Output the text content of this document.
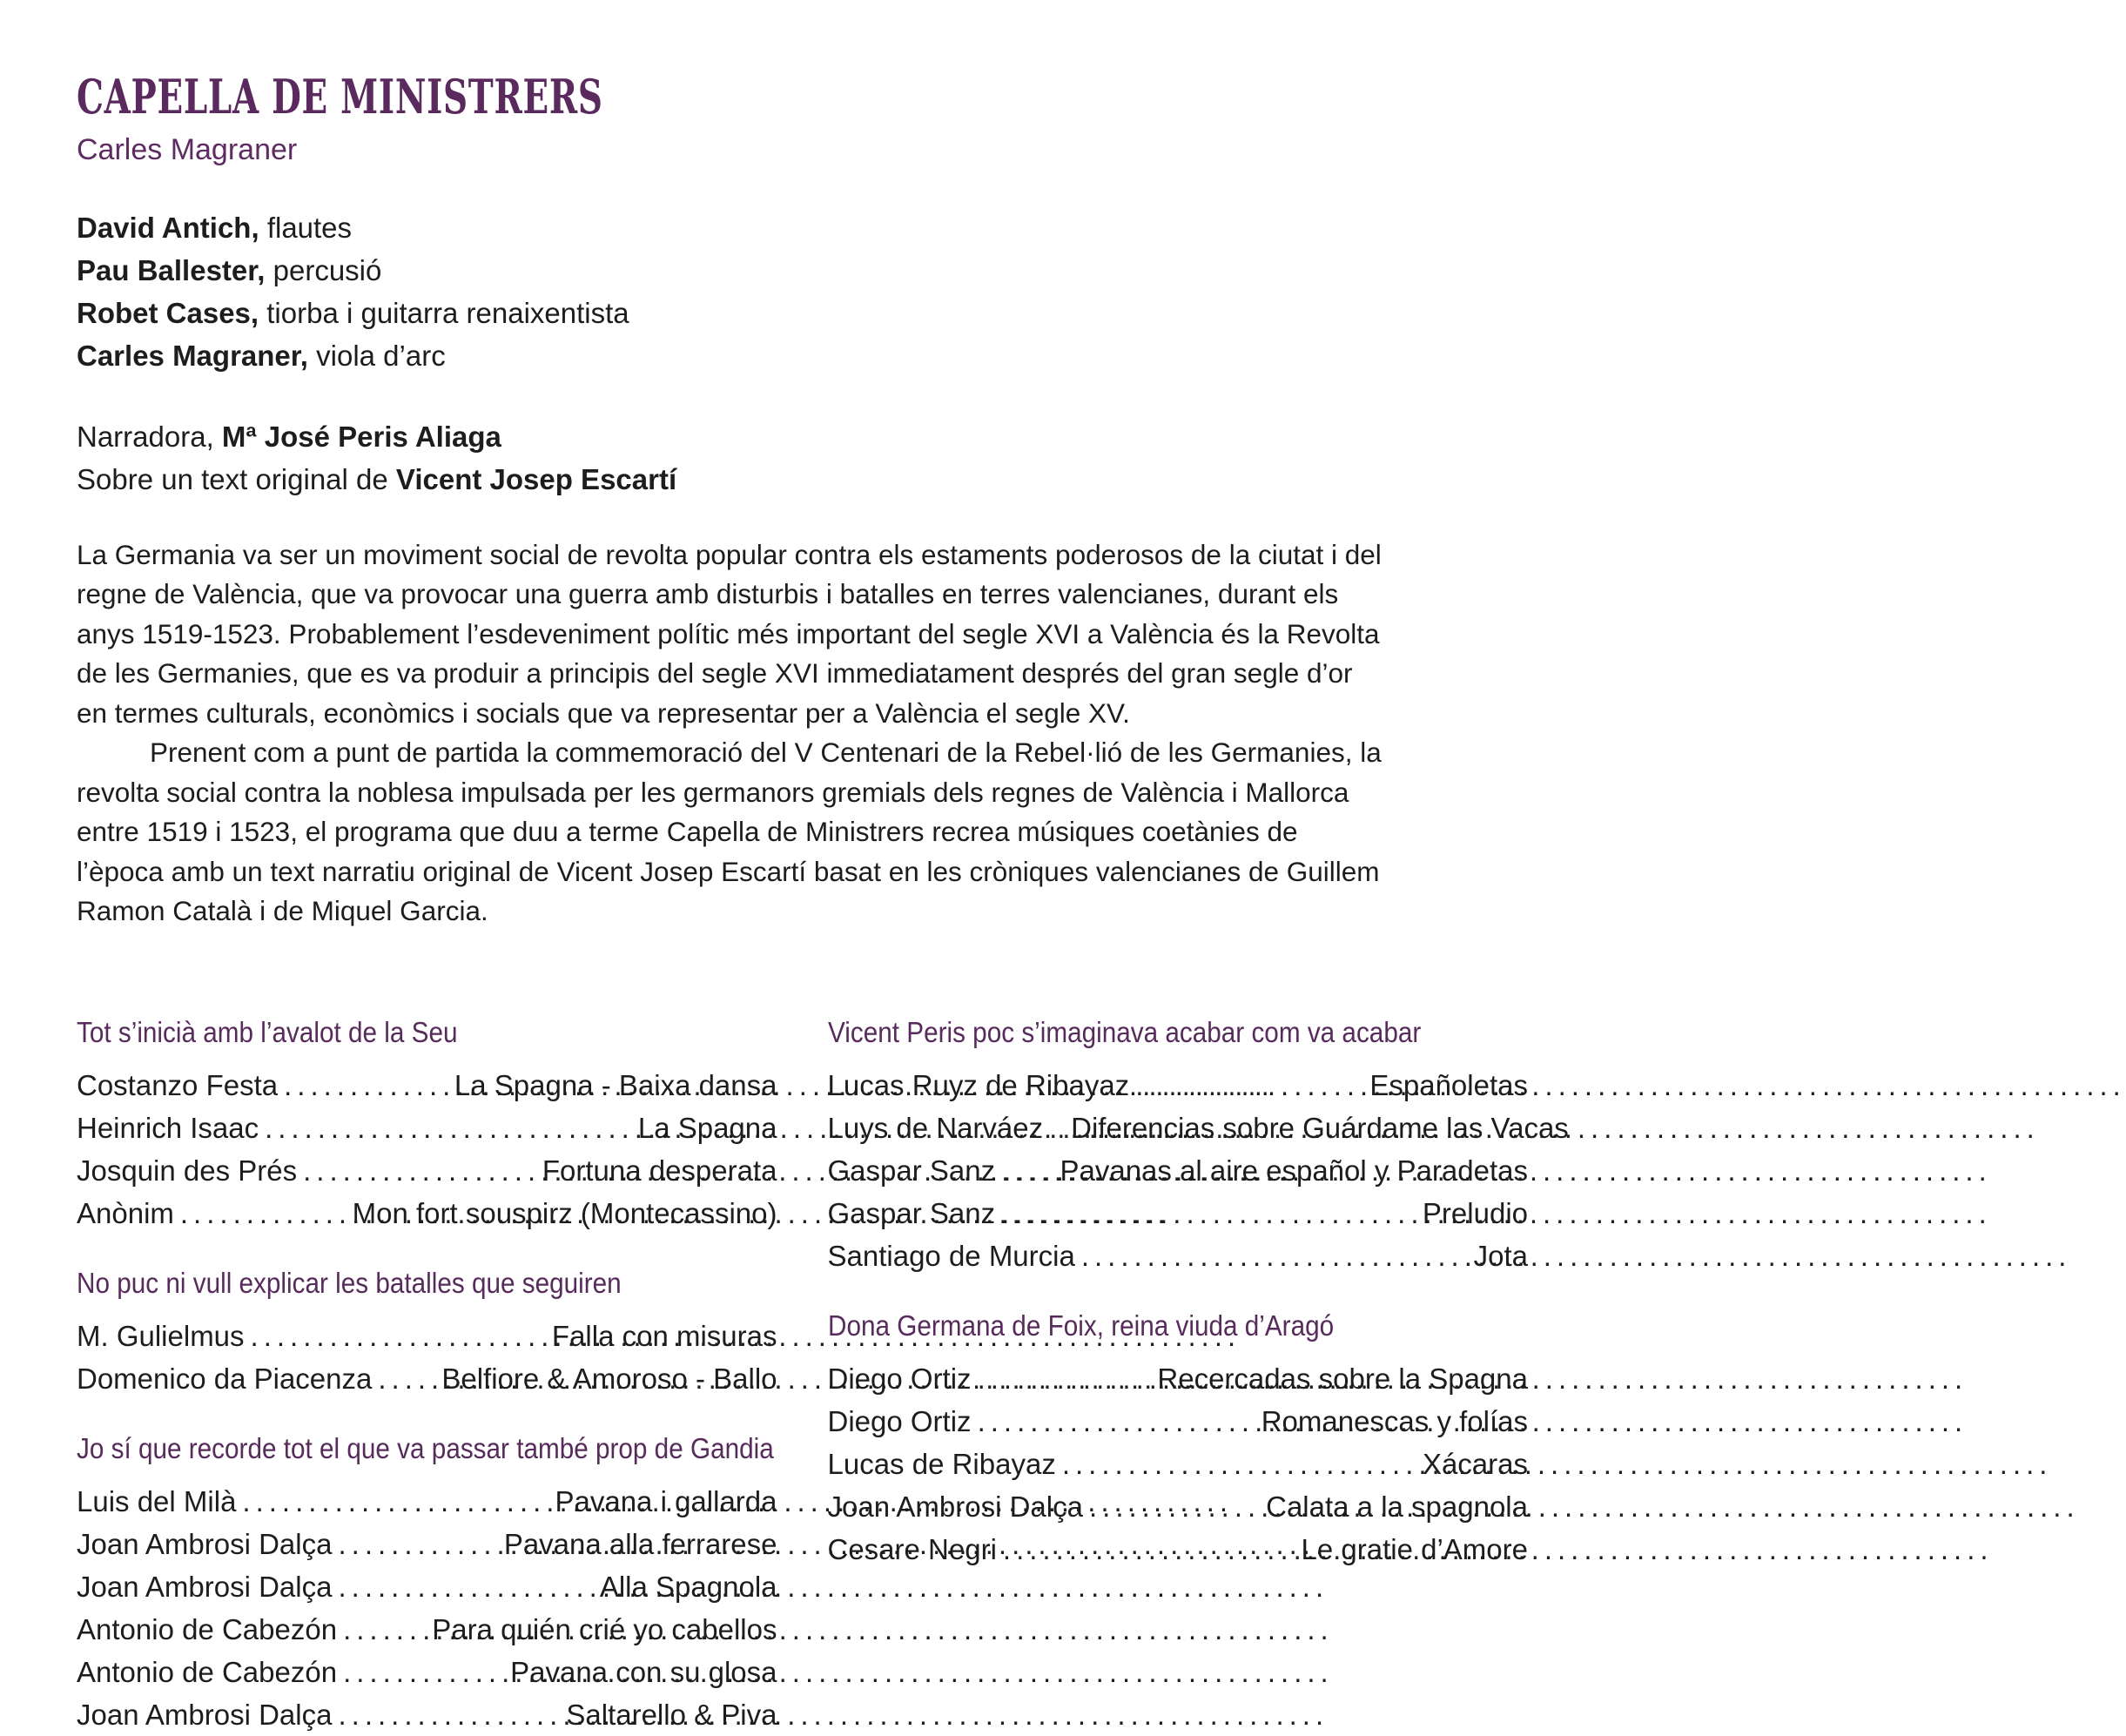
CAPELLA DE MINISTRERS
Carles Magraner
David Antich, flautes
Pau Ballester, percusió
Robet Cases, tiorba i guitarra renaixentista
Carles Magraner, viola d’arc
Narradora, Mª José Peris Aliaga
Sobre un text original de Vicent Josep Escartí

La Germania va ser un moviment social de revolta popular contra els estaments poderosos de la ciutat i del regne de València, que va provocar una guerra amb disturbis i batalles en terres valencianes, durant els anys 1519-1523. Probablement l’esdeveniment polític més important del segle XVI a València és la Revolta de les Germanies, que es va produir a principis del segle XVI immediatament després del gran segle d’or en termes culturals, econòmics i socials que va representar per a València el segle XV.

Prenent com a punt de partida la commemoració del V Centenari de la Rebel·lió de les Germanies, la revolta social contra la noblesa impulsada per les germanors gremials dels regnes de València i Mallorca entre 1519 i 1523, el programa que duu a terme Capella de Ministrers recrea músiques coetànies de l’època amb un text narratiu original de Vicent Josep Escartí basat en les cròniques valencianes de Guillem Ramon Català i de Miquel Garcia.

Tot s’inicià amb l’avalot de la Seu
Costanzo Festa .....	La Spagna - Baixa dansa
Heinrich Isaac .....	La Spagna
Josquin des Prés .....	Fortuna desperata
Anònim .....	Mon fort souspirz (Montecassino)
No puc ni vull explicar les batalles que seguiren
M. Gulielmus .....	Falla con misuras
Domenico da Piacenza ..... Belfiore & Amoroso - Ballo
Jo sí que recorde tot el que va passar també prop de Gandia
Luis del Milà .....	Pavana i gallarda
Joan Ambrosi Dalça .....	Pavana alla ferrarese
Joan Ambrosi Dalça .....	Alla Spagnola
Antonio de Cabezón .....	Para quién crié yo cabellos
Antonio de Cabezón .....	Pavana con su glosa
Joan Ambrosi Dalça .....	Saltarello & Piva
Vicent Peris poc s’imaginava acabar com va acabar
Lucas Ruyz de Ribayaz .....	Españoletas
Luys de Narváez ..... Diferencias sobre Guárdame las Vacas
Gaspar Sanz ..... Pavanas al aire español y Paradetas
Gaspar Sanz .....	Preludio
Santiago de Murcia .....	Jota
Dona Germana de Foix, reina viuda d’Aragó
Diego Ortiz .....	Recercadas sobre la Spagna
Diego Ortiz .....	Romanescas y folías
Lucas de Ribayaz .....	Xácaras
Joan Ambrosi Dalça .....	Calata a la spagnola
Cesare Negri .....	Le gratie d’Amore
